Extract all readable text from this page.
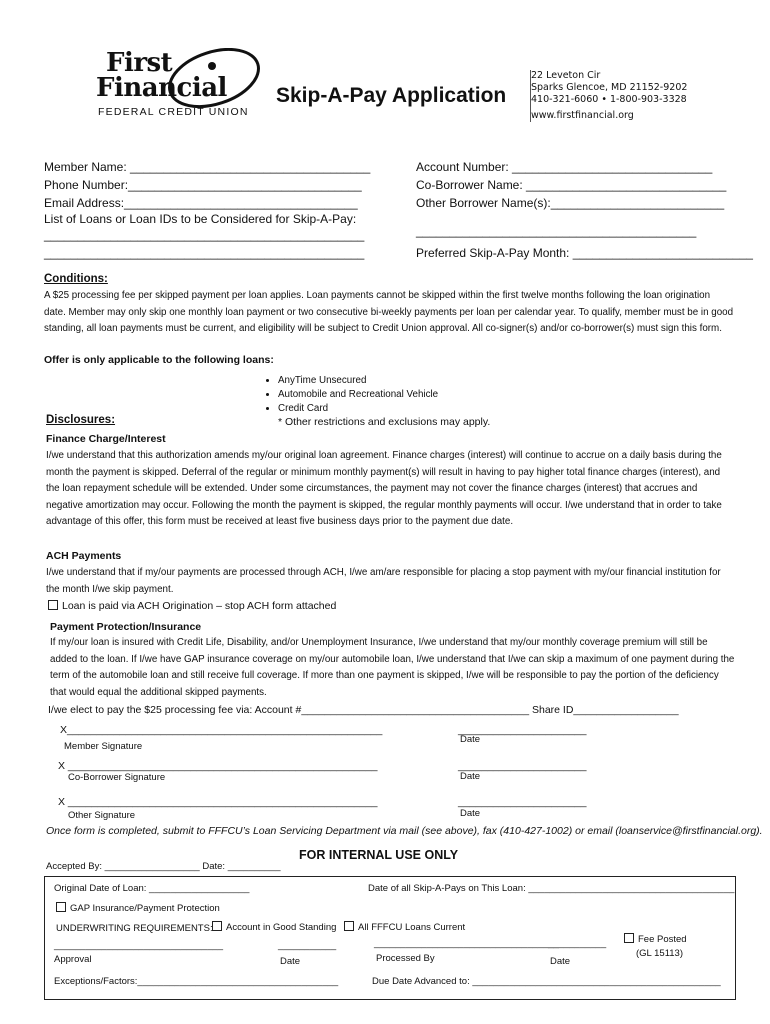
First
Financial
FEDERAL CREDIT UNION
Skip-A-Pay Application
22 Leveton Cir
Sparks Glencoe, MD 21152-9202
410-321-6060 • 1-800-903-3328
www.firstfinancial.org
Member Name: ____________________________________
Phone Number:___________________________________
Email Address:___________________________________
List of Loans or Loan IDs to be Considered for Skip-A-Pay:
________________________________________________
________________________________________________
Account Number: ______________________________
Co-Borrower Name: ______________________________
Other Borrower Name(s):__________________________
__________________________________________
Preferred Skip-A-Pay Month: ___________________________
Conditions:
A $25 processing fee per skipped payment per loan applies. Loan payments cannot be skipped within the first twelve months following the loan origination date. Member may only skip one monthly loan payment or two consecutive bi-weekly payments per loan per calendar year. To qualify, member must be in good standing, all loan payments must be current, and eligibility will be subject to Credit Union approval. All co-signer(s) and/or co-borrower(s) must sign this form.
Offer is only applicable to the following loans:
• AnyTime Unsecured
• Automobile and Recreational Vehicle
• Credit Card
* Other restrictions and exclusions may apply.
Disclosures:
Finance Charge/Interest
I/we understand that this authorization amends my/our original loan agreement. Finance charges (interest) will continue to accrue on a daily basis during the month the payment is skipped. Deferral of the regular or minimum monthly payment(s) will result in having to pay higher total finance charges (interest), and the loan repayment schedule will be extended. Under some circumstances, the payment may not cover the finance charges (interest) that accrues and negative amortization may occur. Following the month the payment is skipped, the regular monthly payments will occur. I/we understand that in order to take advantage of this offer, this form must be received at least five business days prior to the payment due date.
ACH Payments
I/we understand that if my/our payments are processed through ACH, I/we am/are responsible for placing a stop payment with my/our financial institution for the month I/we skip payment.
Loan is paid via ACH Origination – stop ACH form attached
Payment Protection/Insurance
If my/our loan is insured with Credit Life, Disability, and/or Unemployment Insurance, I/we understand that my/our monthly coverage premium will still be added to the loan. If I/we have GAP insurance coverage on my/our automobile loan, I/we understand that I/we can skip a maximum of one payment during the term of the automobile loan and still receive full coverage. If more than one payment is skipped, I/we will be responsible to pay the portion of the deficiency that would equal the additional skipped payments.
I/we elect to pay the $25 processing fee via: Account #_______________________________________ Share ID__________________
X______________________________________________________
Member Signature
______________________
Date
X _____________________________________________________
Co-Borrower Signature
______________________
Date
X _____________________________________________________
Other Signature
______________________
Date
Once form is completed, submit to FFFCU’s Loan Servicing Department via mail (see above), fax (410-427-1002) or email (loanservice@firstfinancial.org).
Accepted By: __________________ Date: __________
FOR INTERNAL USE ONLY
Original Date of Loan: ___________________	Date of all Skip-A-Pays on This Loan: _______________________________________
GAP Insurance/Payment Protection
UNDERWRITING REQUIREMENTS:	Account in Good Standing	All FFFCU Loans Current
________________________________
Approval
___________
Date
___________________________________
Processed By
___________
Date
Fee Posted
(GL 15113)
Exceptions/Factors:______________________________________	Due Date Advanced to: _______________________________________________
